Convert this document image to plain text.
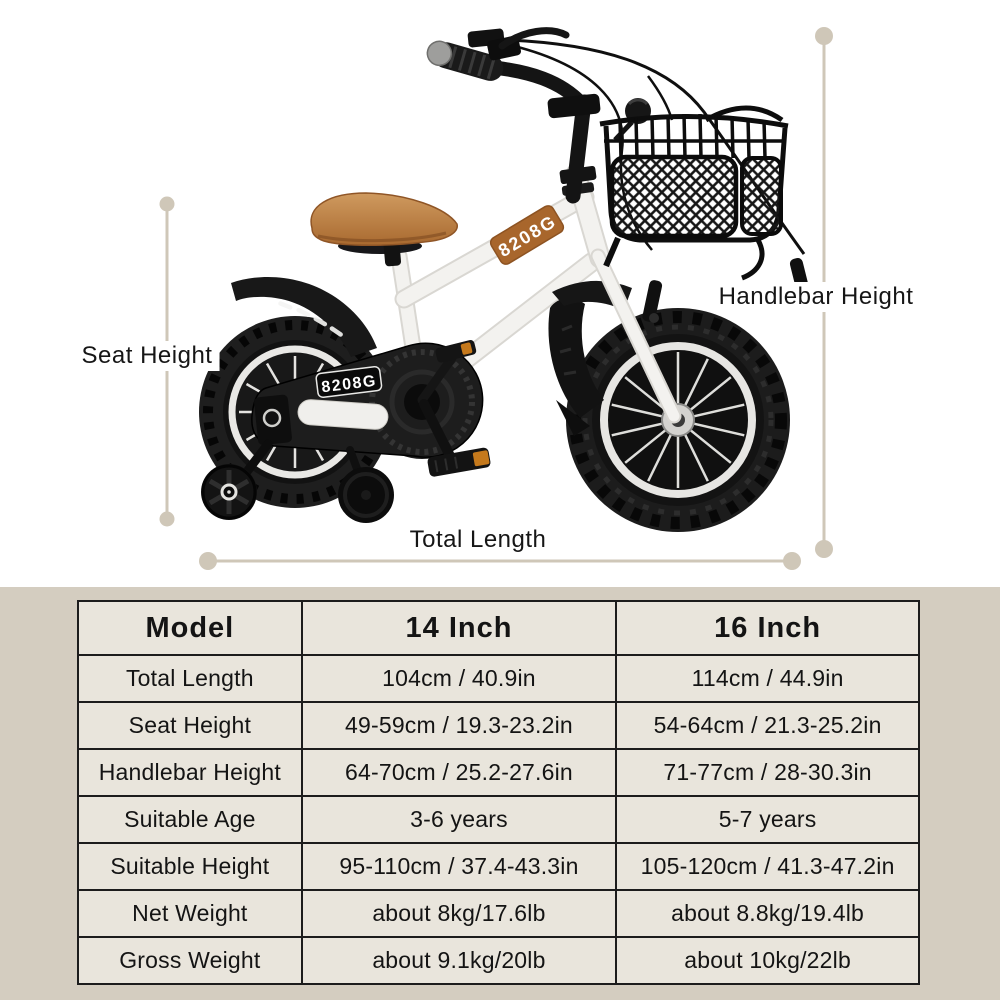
8208G
8208G
Seat Height
Handlebar Height
Total Length
Model	14 Inch	16 Inch
Total Length	104cm / 40.9in	114cm / 44.9in
Seat Height	49-59cm / 19.3-23.2in	54-64cm / 21.3-25.2in
Handlebar Height	64-70cm / 25.2-27.6in	71-77cm / 28-30.3in
Suitable Age	3-6 years	5-7 years
Suitable Height	95-110cm / 37.4-43.3in	105-120cm / 41.3-47.2in
Net Weight	about 8kg/17.6lb	about 8.8kg/19.4lb
Gross Weight	about 9.1kg/20lb	about 10kg/22lb
